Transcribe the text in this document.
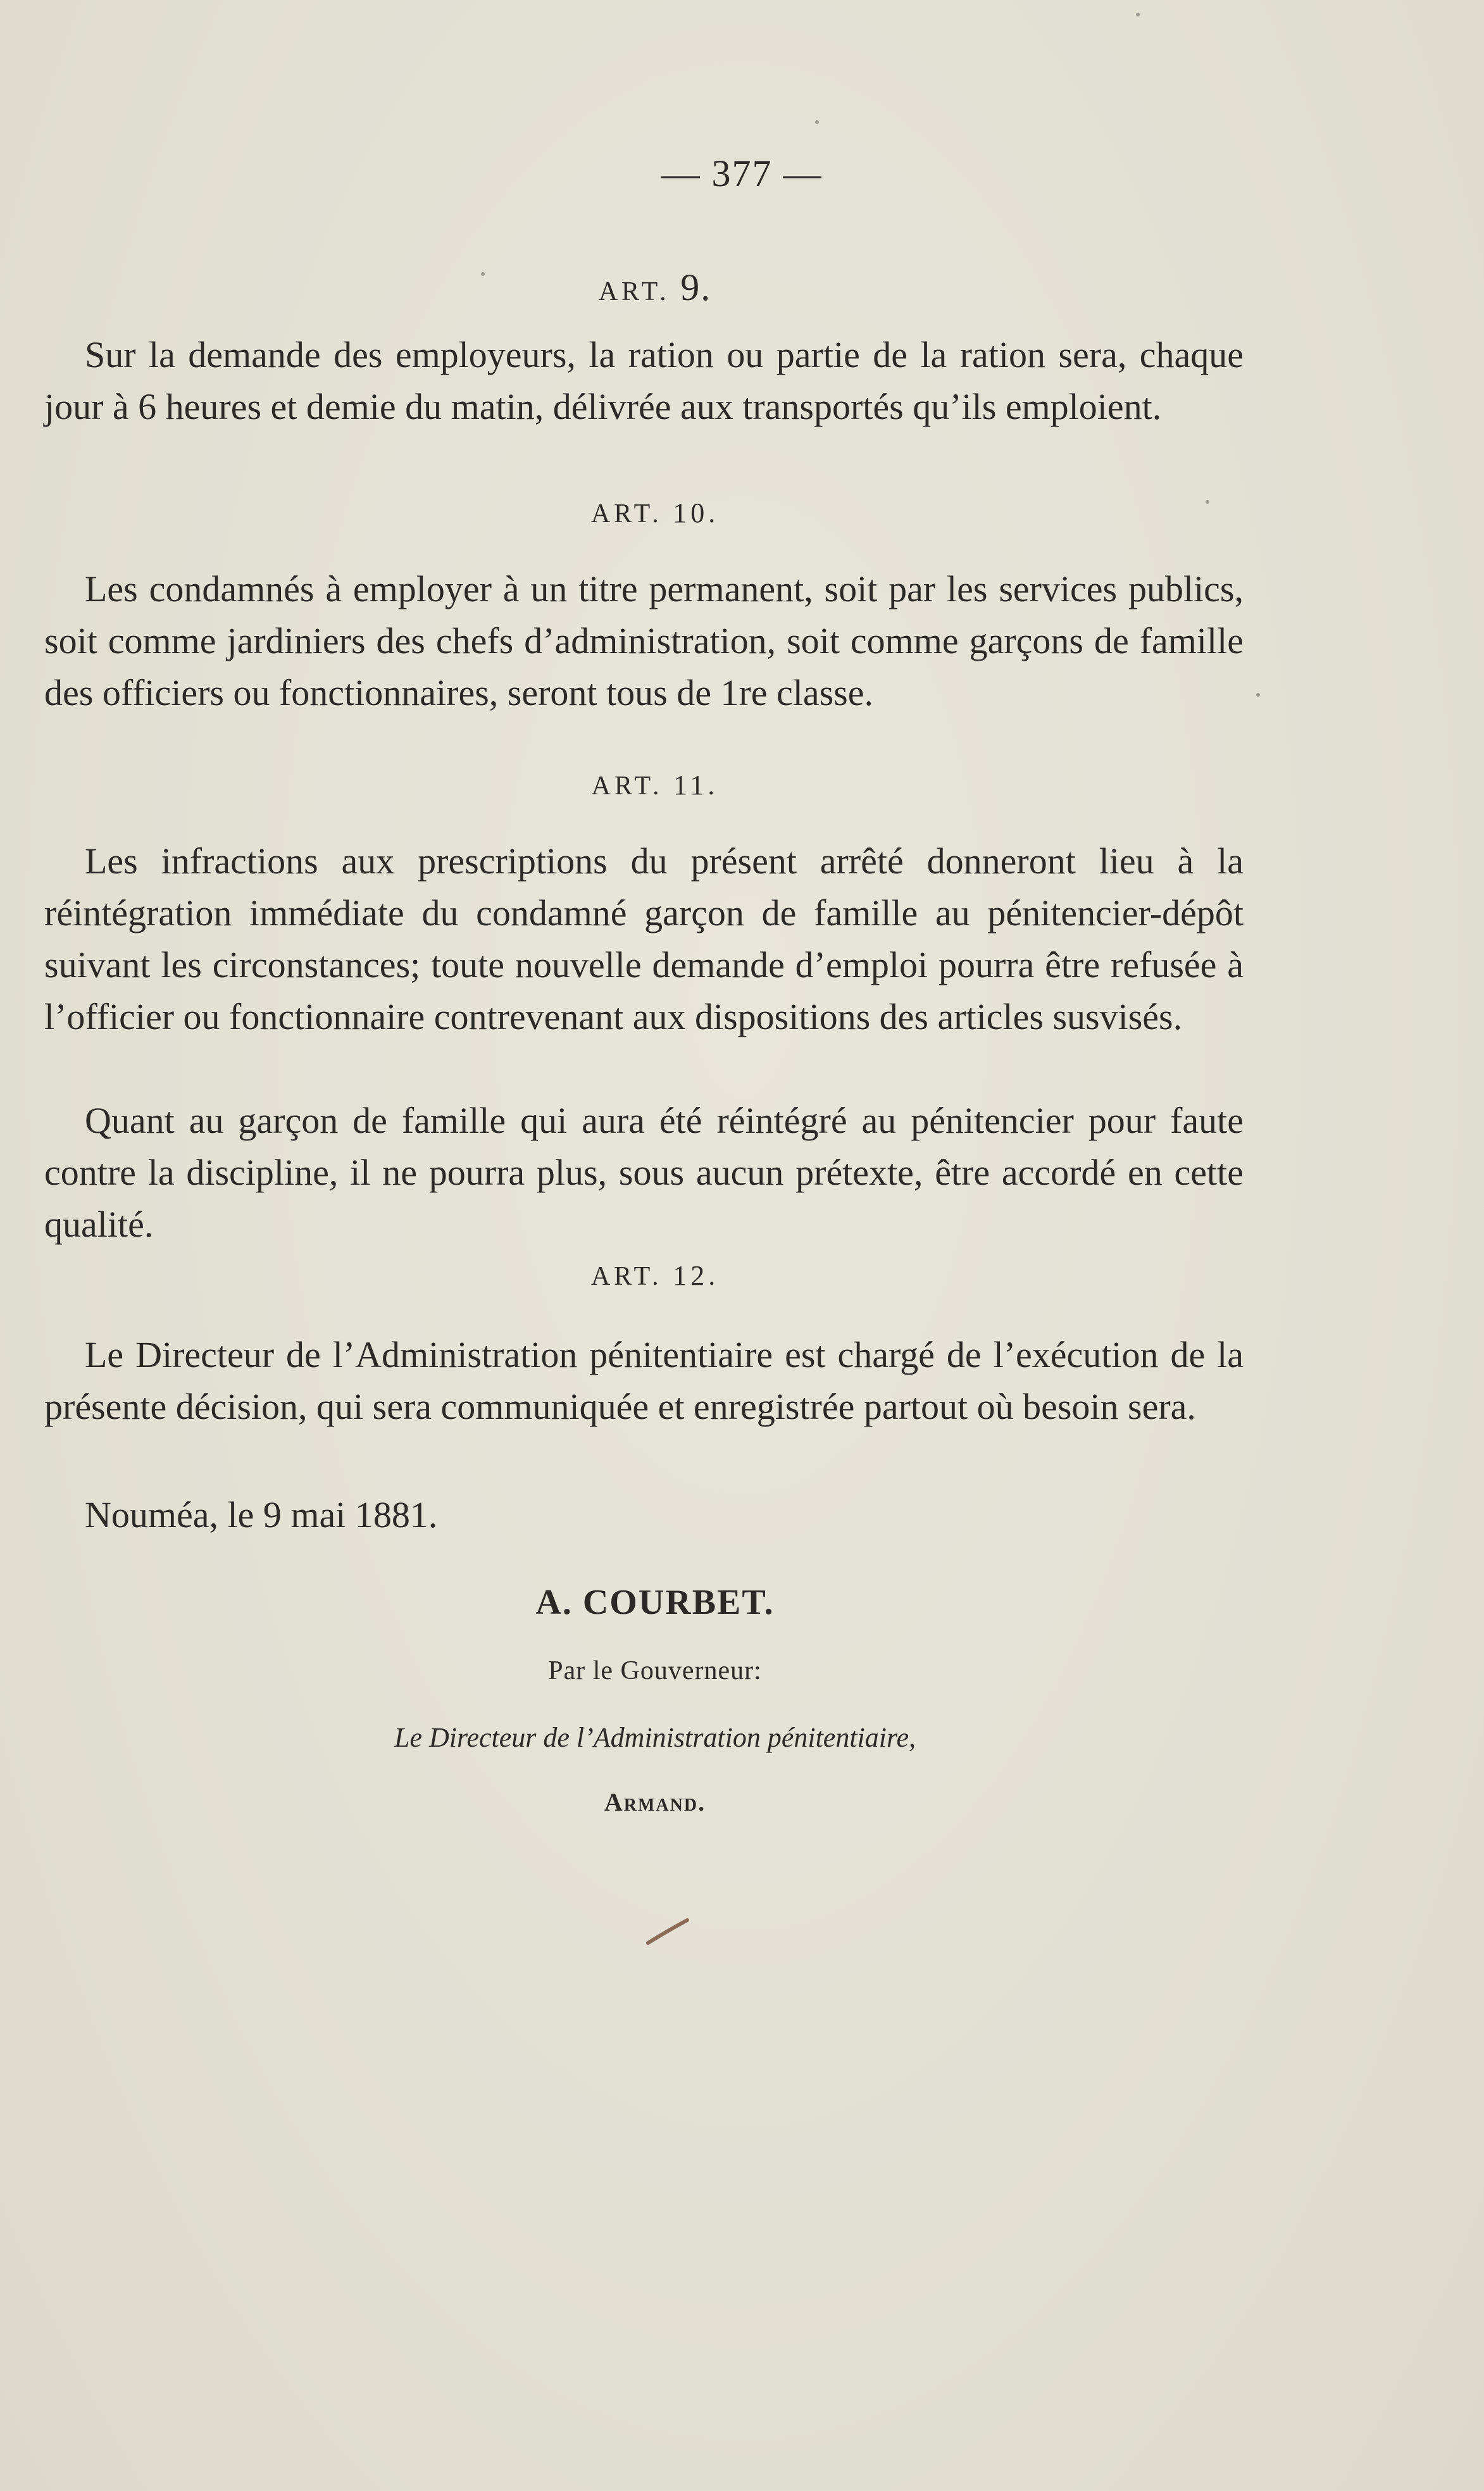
— 377 —
ART. 9.
Sur la demande des employeurs, la ration ou partie de la ration sera, chaque jour à 6 heures et demie du matin, délivrée aux transportés qu’ils emploient.
ART. 10.
Les condamnés à employer à un titre permanent, soit par les services publics, soit comme jardiniers des chefs d’administration, soit comme garçons de famille des officiers ou fonctionnaires, seront tous de 1re classe.
ART. 11.
Les infractions aux prescriptions du présent arrêté donneront lieu à la réintégration immédiate du condamné garçon de famille au pénitencier-dépôt suivant les circonstances; toute nouvelle demande d’emploi pourra être refusée à l’officier ou fonctionnaire contrevenant aux dispositions des articles susvisés.
Quant au garçon de famille qui aura été réintégré au pénitencier pour faute contre la discipline, il ne pourra plus, sous aucun prétexte, être accordé en cette qualité.
ART. 12.
Le Directeur de l’Administration pénitentiaire est chargé de l’exécution de la présente décision, qui sera communiquée et enregistrée partout où besoin sera.
Nouméa, le 9 mai 1881.
A. COURBET.
Par le Gouverneur:
Le Directeur de l’Administration pénitentiaire,
Armand.
